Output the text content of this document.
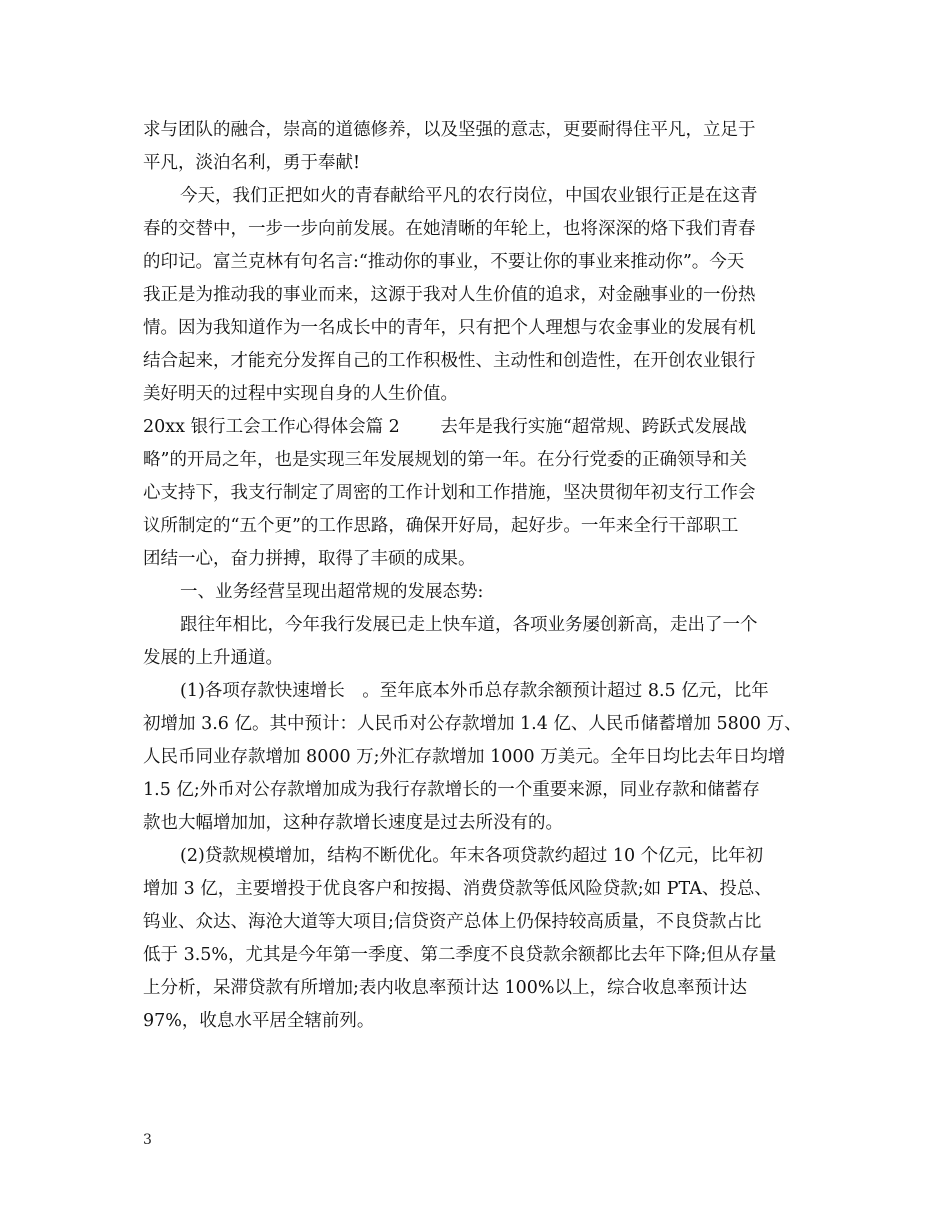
求与团队的融合，崇高的道德修养，以及坚强的意志，更要耐得住平凡，立足于
平凡，淡泊名利，勇于奉献!
今天，我们正把如火的青春献给平凡的农行岗位，中国农业银行正是在这青
春的交替中，一步一步向前发展。在她清晰的年轮上，也将深深的烙下我们青春
的印记。富兰克林有句名言:“推动你的事业，不要让你的事业来推动你”。今天
我正是为推动我的事业而来，这源于我对人生价值的追求，对金融事业的一份热
情。因为我知道作为一名成长中的青年，只有把个人理想与农金事业的发展有机
结合起来，才能充分发挥自己的工作积极性、主动性和创造性，在开创农业银行
美好明天的过程中实现自身的人生价值。
20xx 银行工会工作心得体会篇 2　　 去年是我行实施“超常规、跨跃式发展战
略”的开局之年，也是实现三年发展规划的第一年。在分行党委的正确领导和关
心支持下，我支行制定了周密的工作计划和工作措施，坚决贯彻年初支行工作会
议所制定的“五个更”的工作思路，确保开好局，起好步。一年来全行干部职工
团结一心，奋力拼搏，取得了丰硕的成果。
一、业务经营呈现出超常规的发展态势:
跟往年相比，今年我行发展已走上快车道，各项业务屡创新高，走出了一个
发展的上升通道。
(1)各项存款快速增长　。至年底本外币总存款余额预计超过 8.5 亿元，比年
初增加 3.6 亿。其中预计：人民币对公存款增加 1.4 亿、人民币储蓄增加 5800 万、
人民币同业存款增加 8000 万;外汇存款增加 1000 万美元。全年日均比去年日均增
1.5 亿;外币对公存款增加成为我行存款增长的一个重要来源，同业存款和储蓄存
款也大幅增加加，这种存款增长速度是过去所没有的。
(2)贷款规模增加，结构不断优化。年末各项贷款约超过 10 个亿元，比年初
增加 3 亿，主要增投于优良客户和按揭、消费贷款等低风险贷款;如 PTA、投总、
钨业、众达、海沧大道等大项目;信贷资产总体上仍保持较高质量，不良贷款占比
低于 3.5%，尤其是今年第一季度、第二季度不良贷款余额都比去年下降;但从存量
上分析，呆滞贷款有所增加;表内收息率预计达 100%以上，综合收息率预计达
97%，收息水平居全辖前列。
3
